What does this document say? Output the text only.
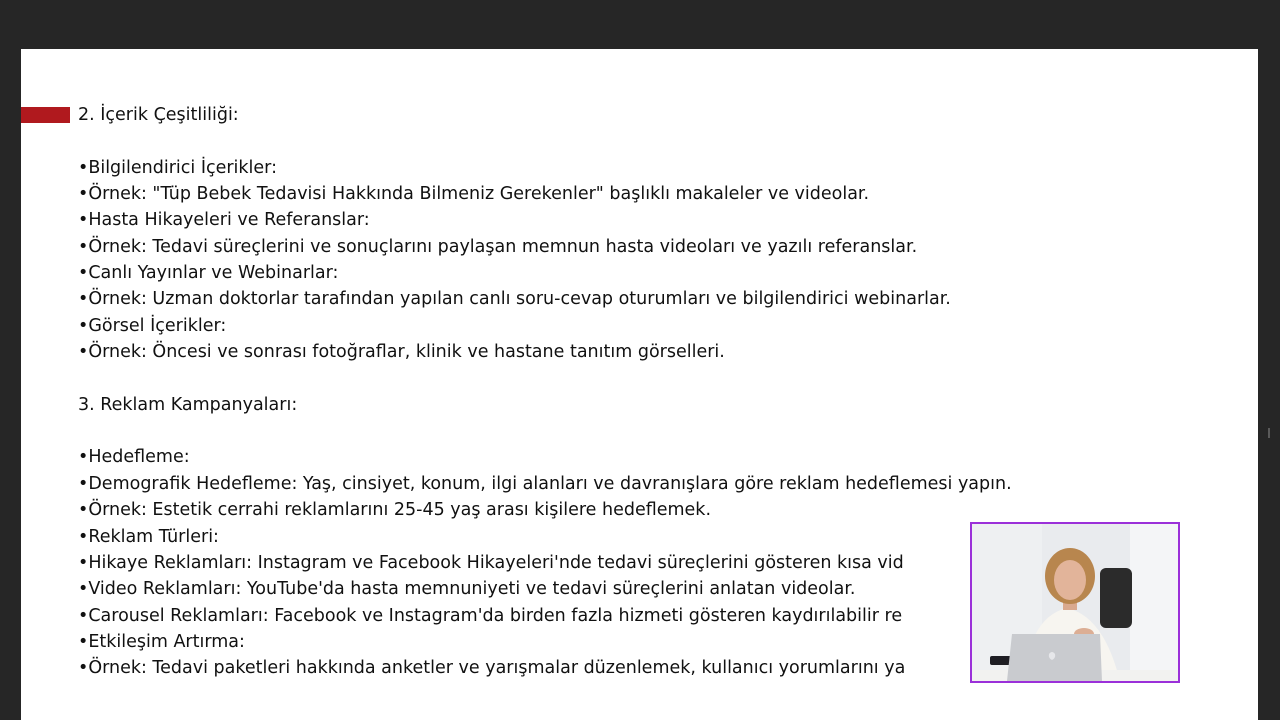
2. İçerik Çeşitliliği:
•Bilgilendirici İçerikler:
•Örnek: "Tüp Bebek Tedavisi Hakkında Bilmeniz Gerekenler" başlıklı makaleler ve videolar.
•Hasta Hikayeleri ve Referanslar:
•Örnek: Tedavi süreçlerini ve sonuçlarını paylaşan memnun hasta videoları ve yazılı referanslar.
•Canlı Yayınlar ve Webinarlar:
•Örnek: Uzman doktorlar tarafından yapılan canlı soru-cevap oturumları ve bilgilendirici webinarlar.
•Görsel İçerikler:
•Örnek: Öncesi ve sonrası fotoğraflar, klinik ve hastane tanıtım görselleri.
3. Reklam Kampanyaları:
•Hedefleme:
•Demografik Hedefleme: Yaş, cinsiyet, konum, ilgi alanları ve davranışlara göre reklam hedeflemesi yapın.
•Örnek: Estetik cerrahi reklamlarını 25-45 yaş arası kişilere hedeflemek.
•Reklam Türleri:
•Hikaye Reklamları: Instagram ve Facebook Hikayeleri'nde tedavi süreçlerini gösteren kısa vid
•Video Reklamları: YouTube'da hasta memnuniyeti ve tedavi süreçlerini anlatan videolar.
•Carousel Reklamları: Facebook ve Instagram'da birden fazla hizmeti gösteren kaydırılabilir re
•Etkileşim Artırma:
•Örnek: Tedavi paketleri hakkında anketler ve yarışmalar düzenlemek, kullanıcı yorumlarını ya
